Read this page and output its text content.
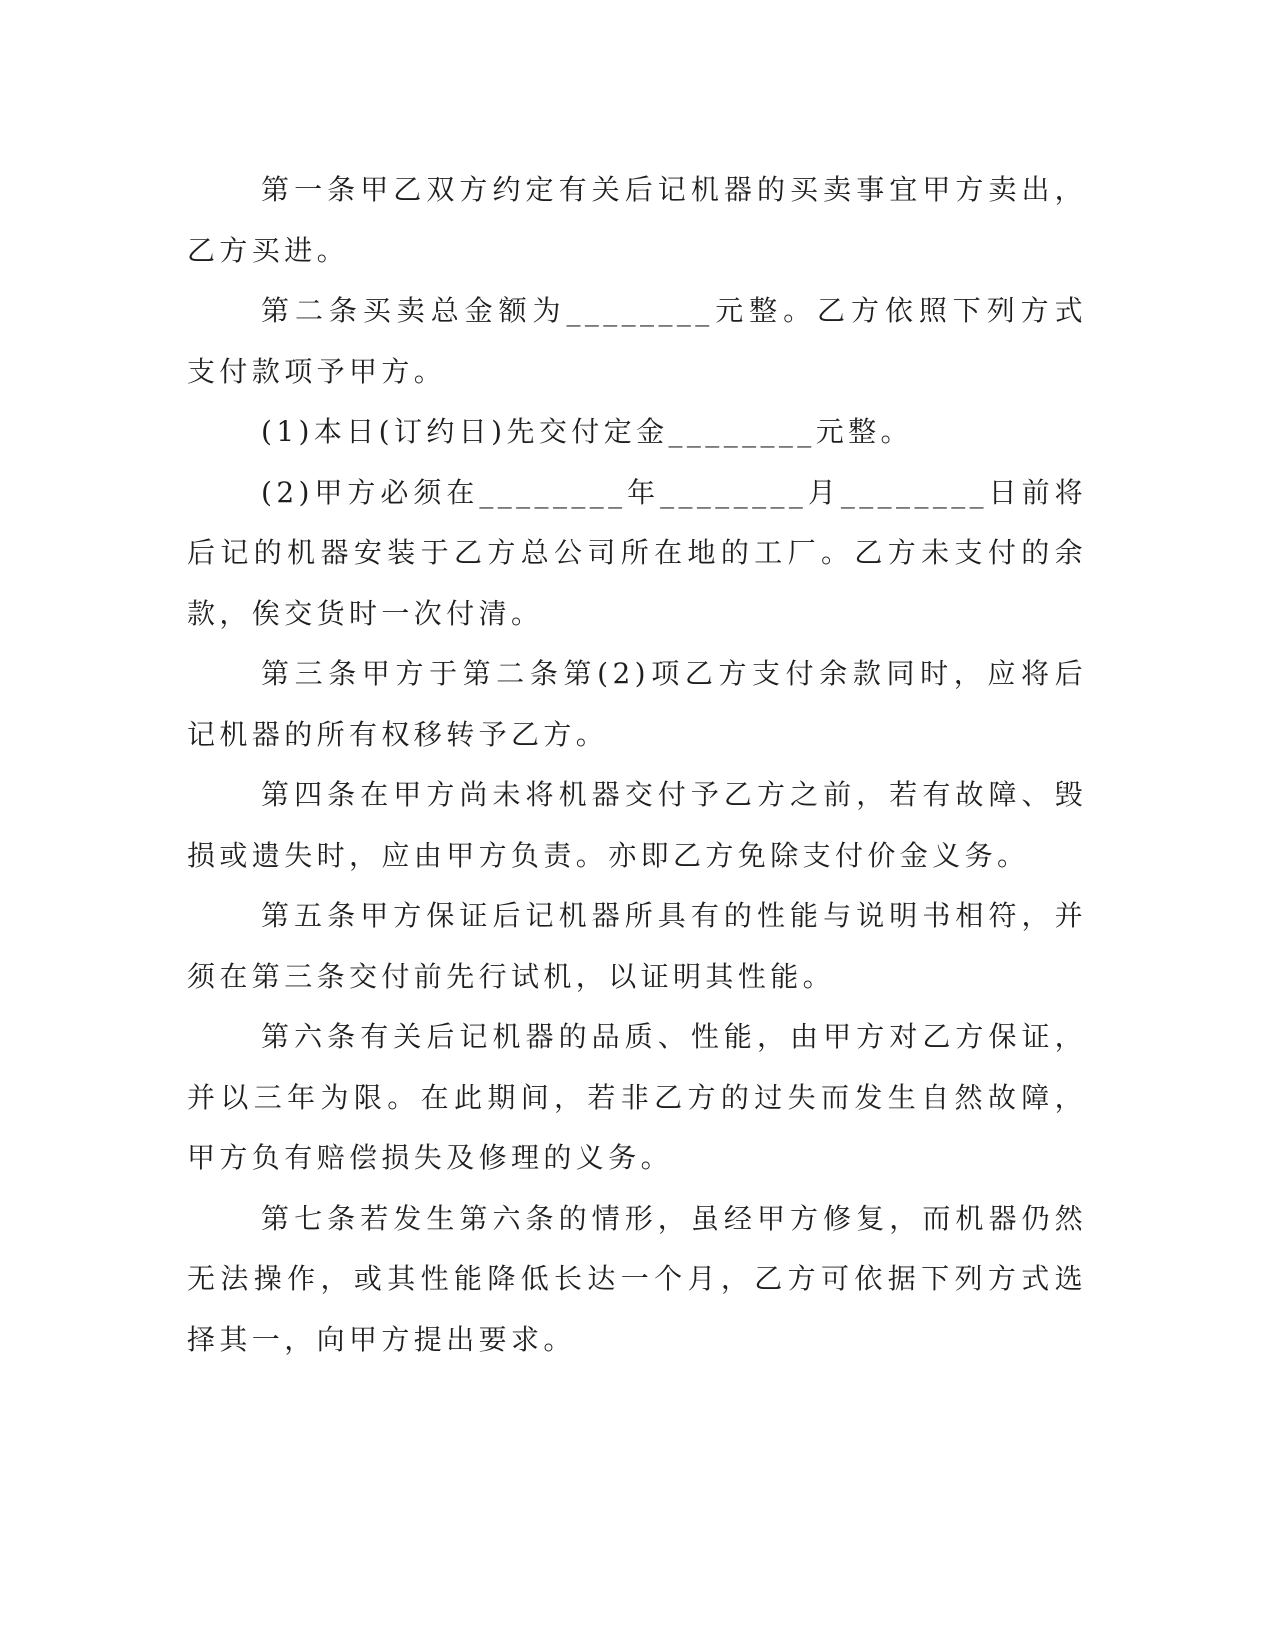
第一条甲乙双方约定有关后记机器的买卖事宜甲方卖出，乙方买进。

第二条买卖总金额为________元整。乙方依照下列方式支付款项予甲方。

(1)本日(订约日)先交付定金________元整。

(2)甲方必须在________年________月________日前将后记的机器安装于乙方总公司所在地的工厂。乙方未支付的余款，俟交货时一次付清。

第三条甲方于第二条第(2)项乙方支付余款同时，应将后记机器的所有权移转予乙方。

第四条在甲方尚未将机器交付予乙方之前，若有故障、毁损或遗失时，应由甲方负责。亦即乙方免除支付价金义务。

第五条甲方保证后记机器所具有的性能与说明书相符，并须在第三条交付前先行试机，以证明其性能。

第六条有关后记机器的品质、性能，由甲方对乙方保证，并以三年为限。在此期间，若非乙方的过失而发生自然故障，甲方负有赔偿损失及修理的义务。

第七条若发生第六条的情形，虽经甲方修复，而机器仍然无法操作，或其性能降低长达一个月，乙方可依据下列方式选择其一，向甲方提出要求。
